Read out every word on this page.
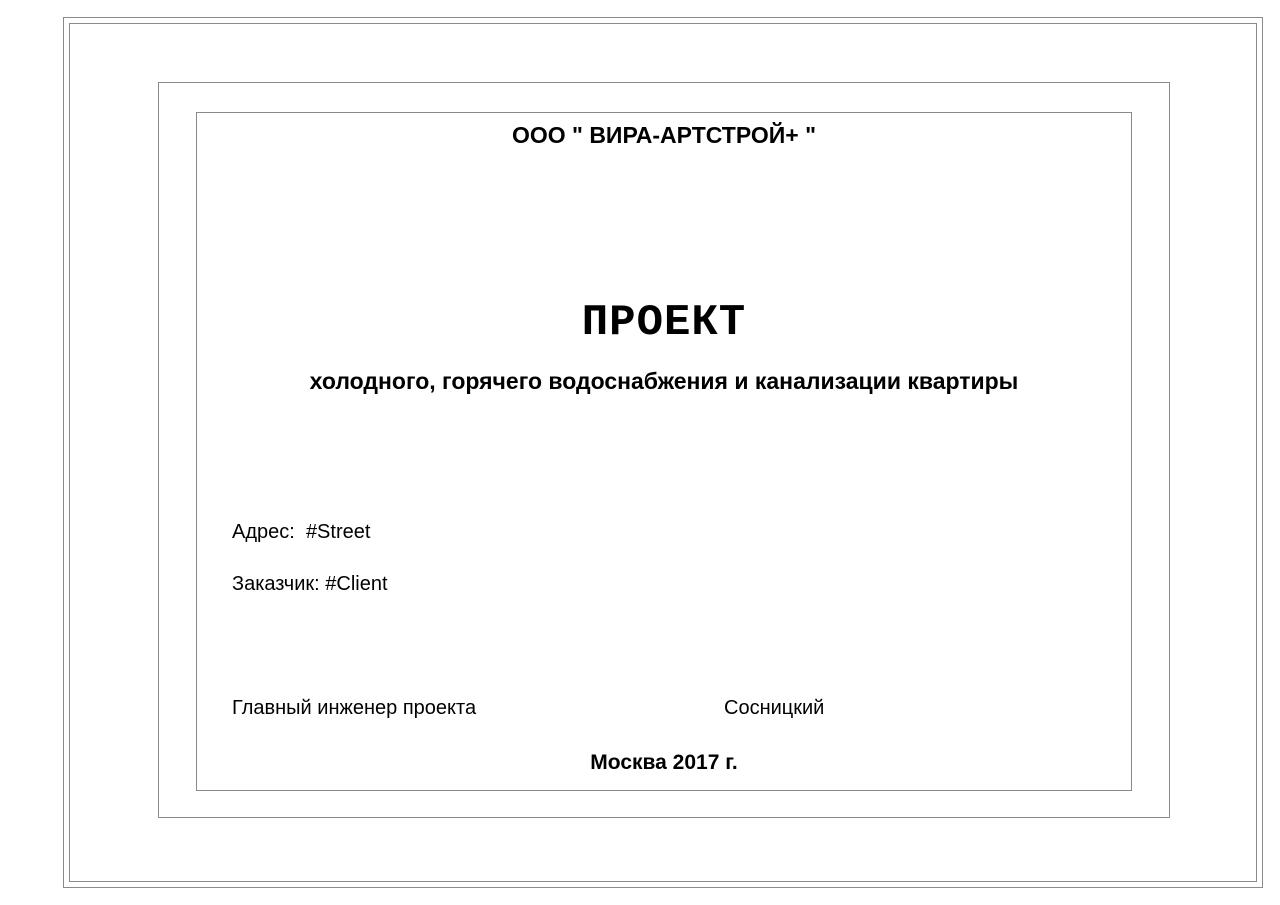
ООО " ВИРА-АРТСТРОЙ+ "
ПРОЕКТ
холодного, горячего водоснабжения и канализации квартиры
Адрес: #Street
Заказчик: #Client
Главный инженер проекта	Сосницкий
Москва 2017 г.
